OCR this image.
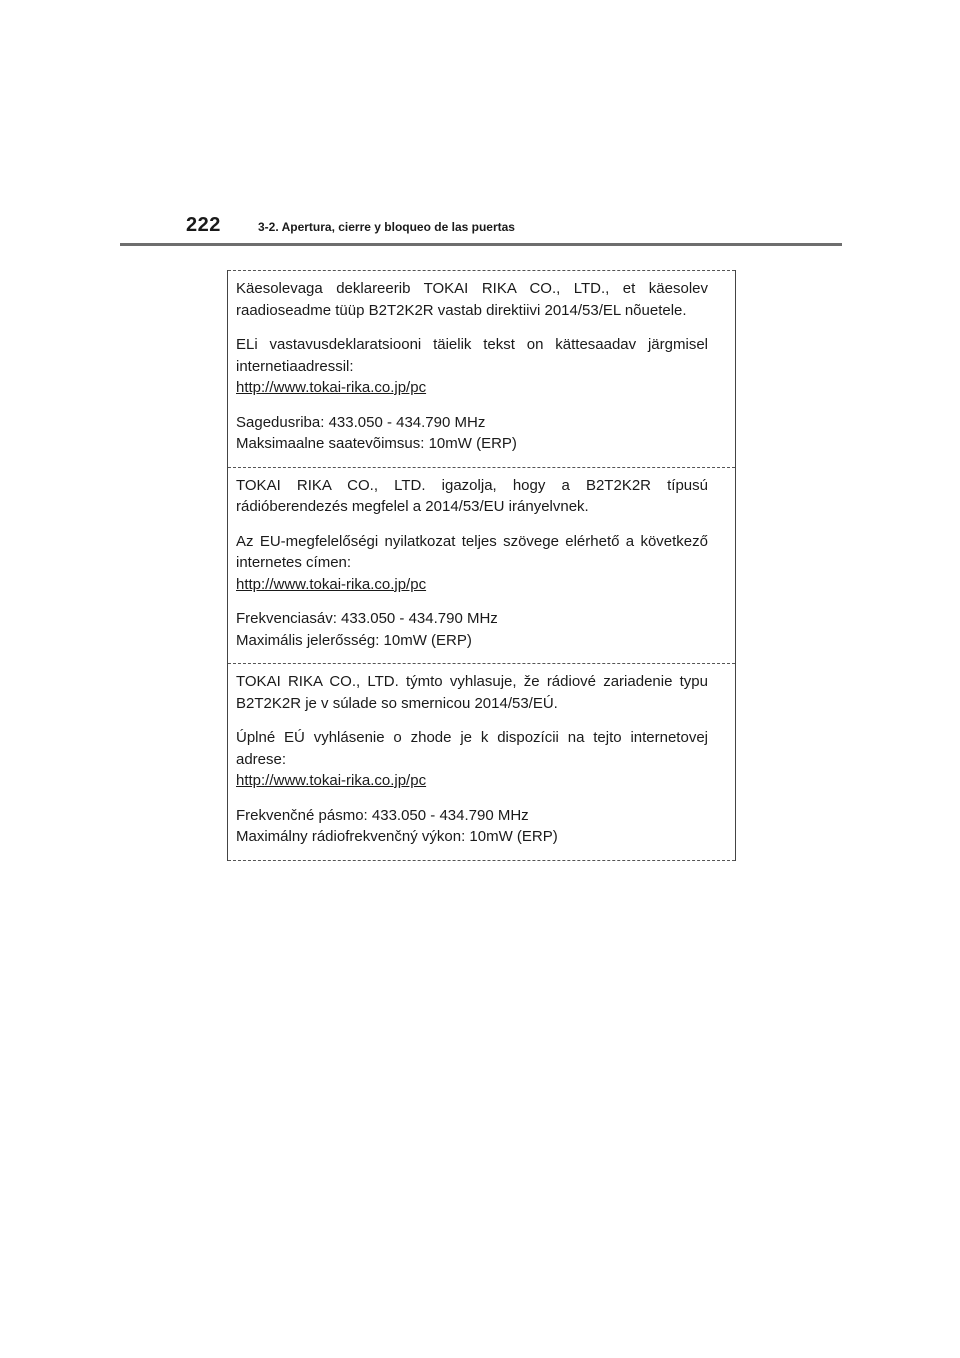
222	3-2. Apertura, cierre y bloqueo de las puertas

Käesolevaga deklareerib TOKAI RIKA CO., LTD., et käesolev raadioseadme tüüp B2T2K2R vastab direktiivi 2014/53/EL nõuetele.

ELi vastavusdeklaratsiooni täielik tekst on kättesaadav järgmisel internetiaadressil:

http://www.tokai-rika.co.jp/pc

Sagedusriba: 433.050 - 434.790 MHz

Maksimaalne saatevõimsus: 10mW (ERP)

TOKAI RIKA CO., LTD. igazolja, hogy a B2T2K2R típusú rádióberendezés megfelel a 2014/53/EU irányelvnek.

Az EU-megfelelőségi nyilatkozat teljes szövege elérhető a következő internetes címen:

http://www.tokai-rika.co.jp/pc

Frekvenciasáv: 433.050 - 434.790 MHz

Maximális jelerősség: 10mW (ERP)

TOKAI RIKA CO., LTD. týmto vyhlasuje, že rádiové zariadenie typu B2T2K2R je v súlade so smernicou 2014/53/EÚ.

Úplné EÚ vyhlásenie o zhode je k dispozícii na tejto internetovej adrese:

http://www.tokai-rika.co.jp/pc

Frekvenčné pásmo: 433.050 - 434.790 MHz

Maximálny rádiofrekvenčný výkon: 10mW (ERP)
